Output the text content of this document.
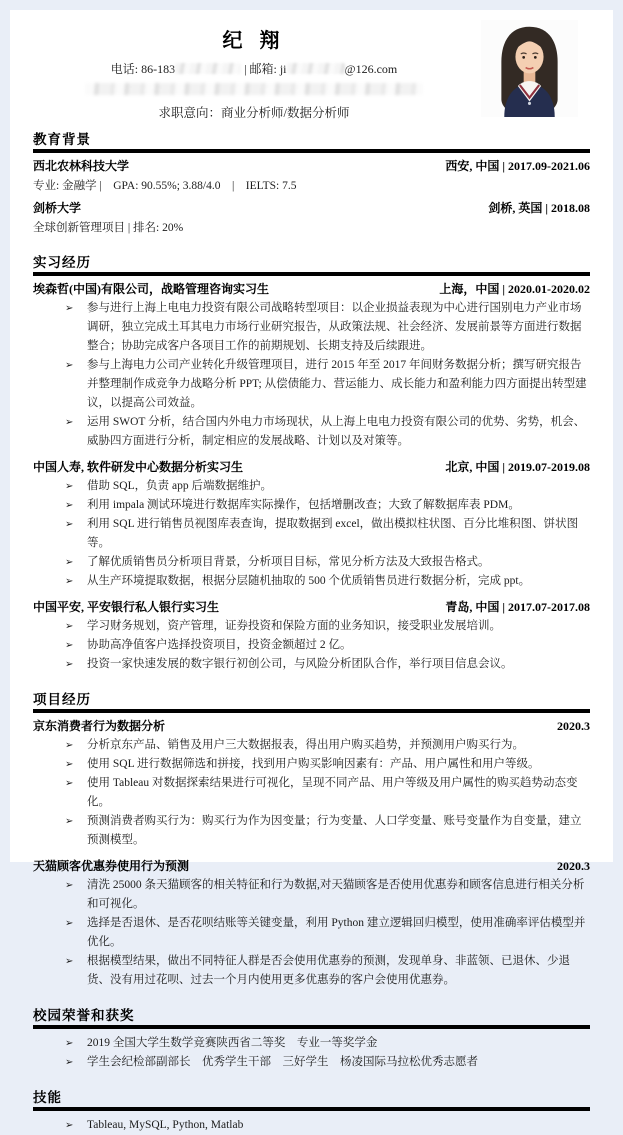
纪 翔
电话: 86-183	| 邮箱: ji	@126.com
求职意向：商业分析师/数据分析师
教育背景
西北农林科技大学	西安, 中国 | 2017.09-2021.06
专业: 金融学 |　GPA: 90.55%; 3.88/4.0　|　IELTS: 7.5
剑桥大学	剑桥, 英国 | 2018.08
全球创新管理项目 | 排名: 20%
实习经历
埃森哲(中国)有限公司，战略管理咨询实习生	上海，中国 | 2020.01-2020.02
➢ 参与进行上海上电电力投资有限公司战略转型项目：以企业损益表现为中心进行国别电力产业市场调研，独立完成土耳其电力市场行业研究报告，从政策法规、社会经济、发展前景等方面进行数据整合；协助完成客户各项目工作的前期规划、长期支持及后续跟进。
➢ 参与上海电力公司产业转化升级管理项目，进行 2015 年至 2017 年间财务数据分析；撰写研究报告并整理制作成竞争力战略分析 PPT; 从偿债能力、营运能力、成长能力和盈利能力四方面提出转型建议，以提高公司效益。
➢ 运用 SWOT 分析，结合国内外电力市场现状，从上海上电电力投资有限公司的优势、劣势，机会、威胁四方面进行分析，制定相应的发展战略、计划以及对策等。
中国人寿, 软件研发中心数据分析实习生	北京, 中国 | 2019.07-2019.08
➢ 借助 SQL，负责 app 后端数据维护。
➢ 利用 impala 测试环境进行数据库实际操作，包括增删改查；大致了解数据库表 PDM。
➢ 利用 SQL 进行销售员视图库表查询，提取数据到 excel，做出模拟柱状图、百分比堆积图、饼状图等。
➢ 了解优质销售员分析项目背景，分析项目目标，常见分析方法及大致报告格式。
➢ 从生产环境提取数据，根据分层随机抽取的 500 个优质销售员进行数据分析，完成 ppt。
中国平安, 平安银行私人银行实习生	青岛, 中国 | 2017.07-2017.08
➢ 学习财务规划，资产管理，证券投资和保险方面的业务知识，接受职业发展培训。
➢ 协助高净值客户选择投资项目，投资金额超过 2 亿。
➢ 投资一家快速发展的数字银行初创公司，与风险分析团队合作，举行项目信息会议。
项目经历
京东消费者行为数据分析	2020.3
➢ 分析京东产品、销售及用户三大数据报表，得出用户购买趋势，并预测用户购买行为。
➢ 使用 SQL 进行数据筛选和拼接，找到用户购买影响因素有：产品、用户属性和用户等级。
➢ 使用 Tableau 对数据探索结果进行可视化，呈现不同产品、用户等级及用户属性的购买趋势动态变化。
➢ 预测消费者购买行为：购买行为作为因变量；行为变量、人口学变量、账号变量作为自变量，建立预测模型。
天猫顾客优惠券使用行为预测	2020.3
➢ 清洗 25000 条天猫顾客的相关特征和行为数据,对天猫顾客是否使用优惠券和顾客信息进行相关分析和可视化。
➢ 选择是否退休、是否花呗结账等关键变量，利用 Python 建立逻辑回归模型，使用准确率评估模型并优化。
➢ 根据模型结果，做出不同特征人群是否会使用优惠券的预测，发现单身、非蓝领、已退休、少退货、没有用过花呗、过去一个月内使用更多优惠券的客户会使用优惠券。
校园荣誉和获奖
➢ 2019 全国大学生数学竞赛陕西省二等奖　专业一等奖学金
➢ 学生会纪检部副部长　优秀学生干部　三好学生　杨凌国际马拉松优秀志愿者
技能
➢ Tableau, MySQL, Python, Matlab
